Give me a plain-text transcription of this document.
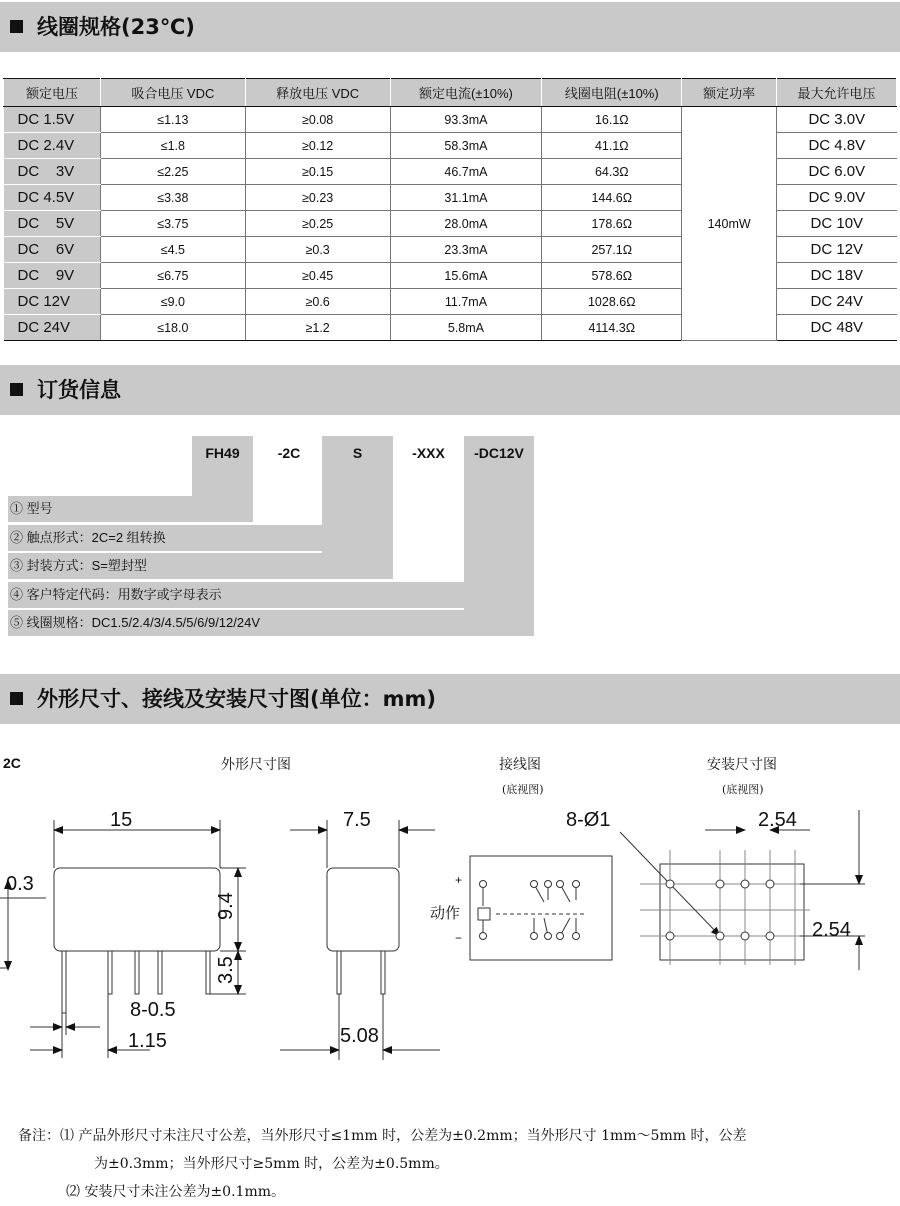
线圈规格(23℃)
额定电压	吸合电压 VDC	释放电压 VDC	额定电流(±10%)	线圈电阻(±10%)	额定功率	最大允许电压
DC 1.5V	≤1.13	≥0.08	93.3mA	16.1Ω	140mW	DC 3.0V
DC 2.4V	≤1.8	≥0.12	58.3mA	41.1Ω		DC 4.8V
DC    3V	≤2.25	≥0.15	46.7mA	64.3Ω		DC 6.0V
DC 4.5V	≤3.38	≥0.23	31.1mA	144.6Ω		DC 9.0V
DC    5V	≤3.75	≥0.25	28.0mA	178.6Ω		DC 10V
DC    6V	≤4.5	≥0.3	23.3mA	257.1Ω		DC 12V
DC    9V	≤6.75	≥0.45	15.6mA	578.6Ω		DC 18V
DC 12V	≤9.0	≥0.6	11.7mA	1028.6Ω		DC 24V
DC 24V	≤18.0	≥1.2	5.8mA	4114.3Ω		DC 48V
订货信息
FH49	-2C	S	-XXX	-DC12V
① 型号
② 触点形式：2C=2 组转换
③ 封装方式：S=塑封型
④ 客户特定代码：用数字或字母表示
⑤ 线圈规格：DC1.5/2.4/3/4.5/5/6/9/12/24V
外形尺寸、接线及安装尺寸图(单位：mm)
2C	外形尺寸图	接线图
(底视图)
安装尺寸图
(底视图)
15	7.5
9.4
3.5
0.3
8-0.5
1.15	5.08
8-Ø1	2.54
2.54
+
−
动作
备注：⑴ 产品外形尺寸未注尺寸公差，当外形尺寸≤1mm 时，公差为±0.2mm；当外形尺寸 1mm～5mm 时，公差
为±0.3mm；当外形尺寸≥5mm 时，公差为±0.5mm。
⑵ 安装尺寸未注公差为±0.1mm。
